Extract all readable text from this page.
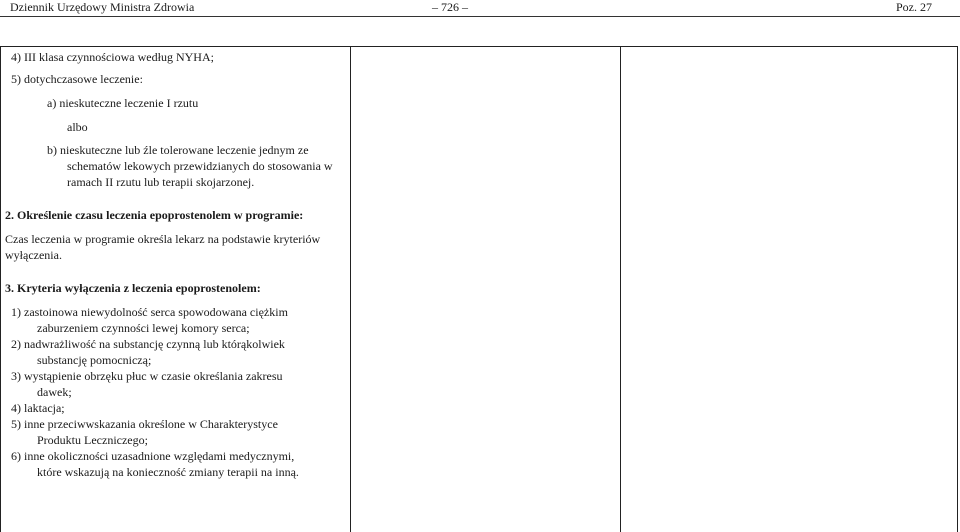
Dziennik Urzędowy Ministra Zdrowia	– 726 –	Poz. 27
4) III klasa czynnościowa według NYHA;
5) dotychczasowe leczenie:
a) nieskuteczne leczenie I rzutu
albo
b) nieskuteczne lub źle tolerowane leczenie jednym ze
schematów lekowych przewidzianych do stosowania w
ramach II rzutu lub terapii skojarzonej.
2. Określenie czasu leczenia epoprostenolem w programie:
Czas leczenia w programie określa lekarz na podstawie kryteriów
wyłączenia.
3. Kryteria wyłączenia z leczenia epoprostenolem:
1) zastoinowa niewydolność serca spowodowana ciężkim
zaburzeniem czynności lewej komory serca;
2) nadwrażliwość na substancję czynną lub którąkolwiek
substancję pomocniczą;
3) wystąpienie obrzęku płuc w czasie określania zakresu
dawek;
4) laktacja;
5) inne przeciwwskazania określone w Charakterystyce
Produktu Leczniczego;
6) inne okoliczności uzasadnione względami medycznymi,
które wskazują na konieczność zmiany terapii na inną.
